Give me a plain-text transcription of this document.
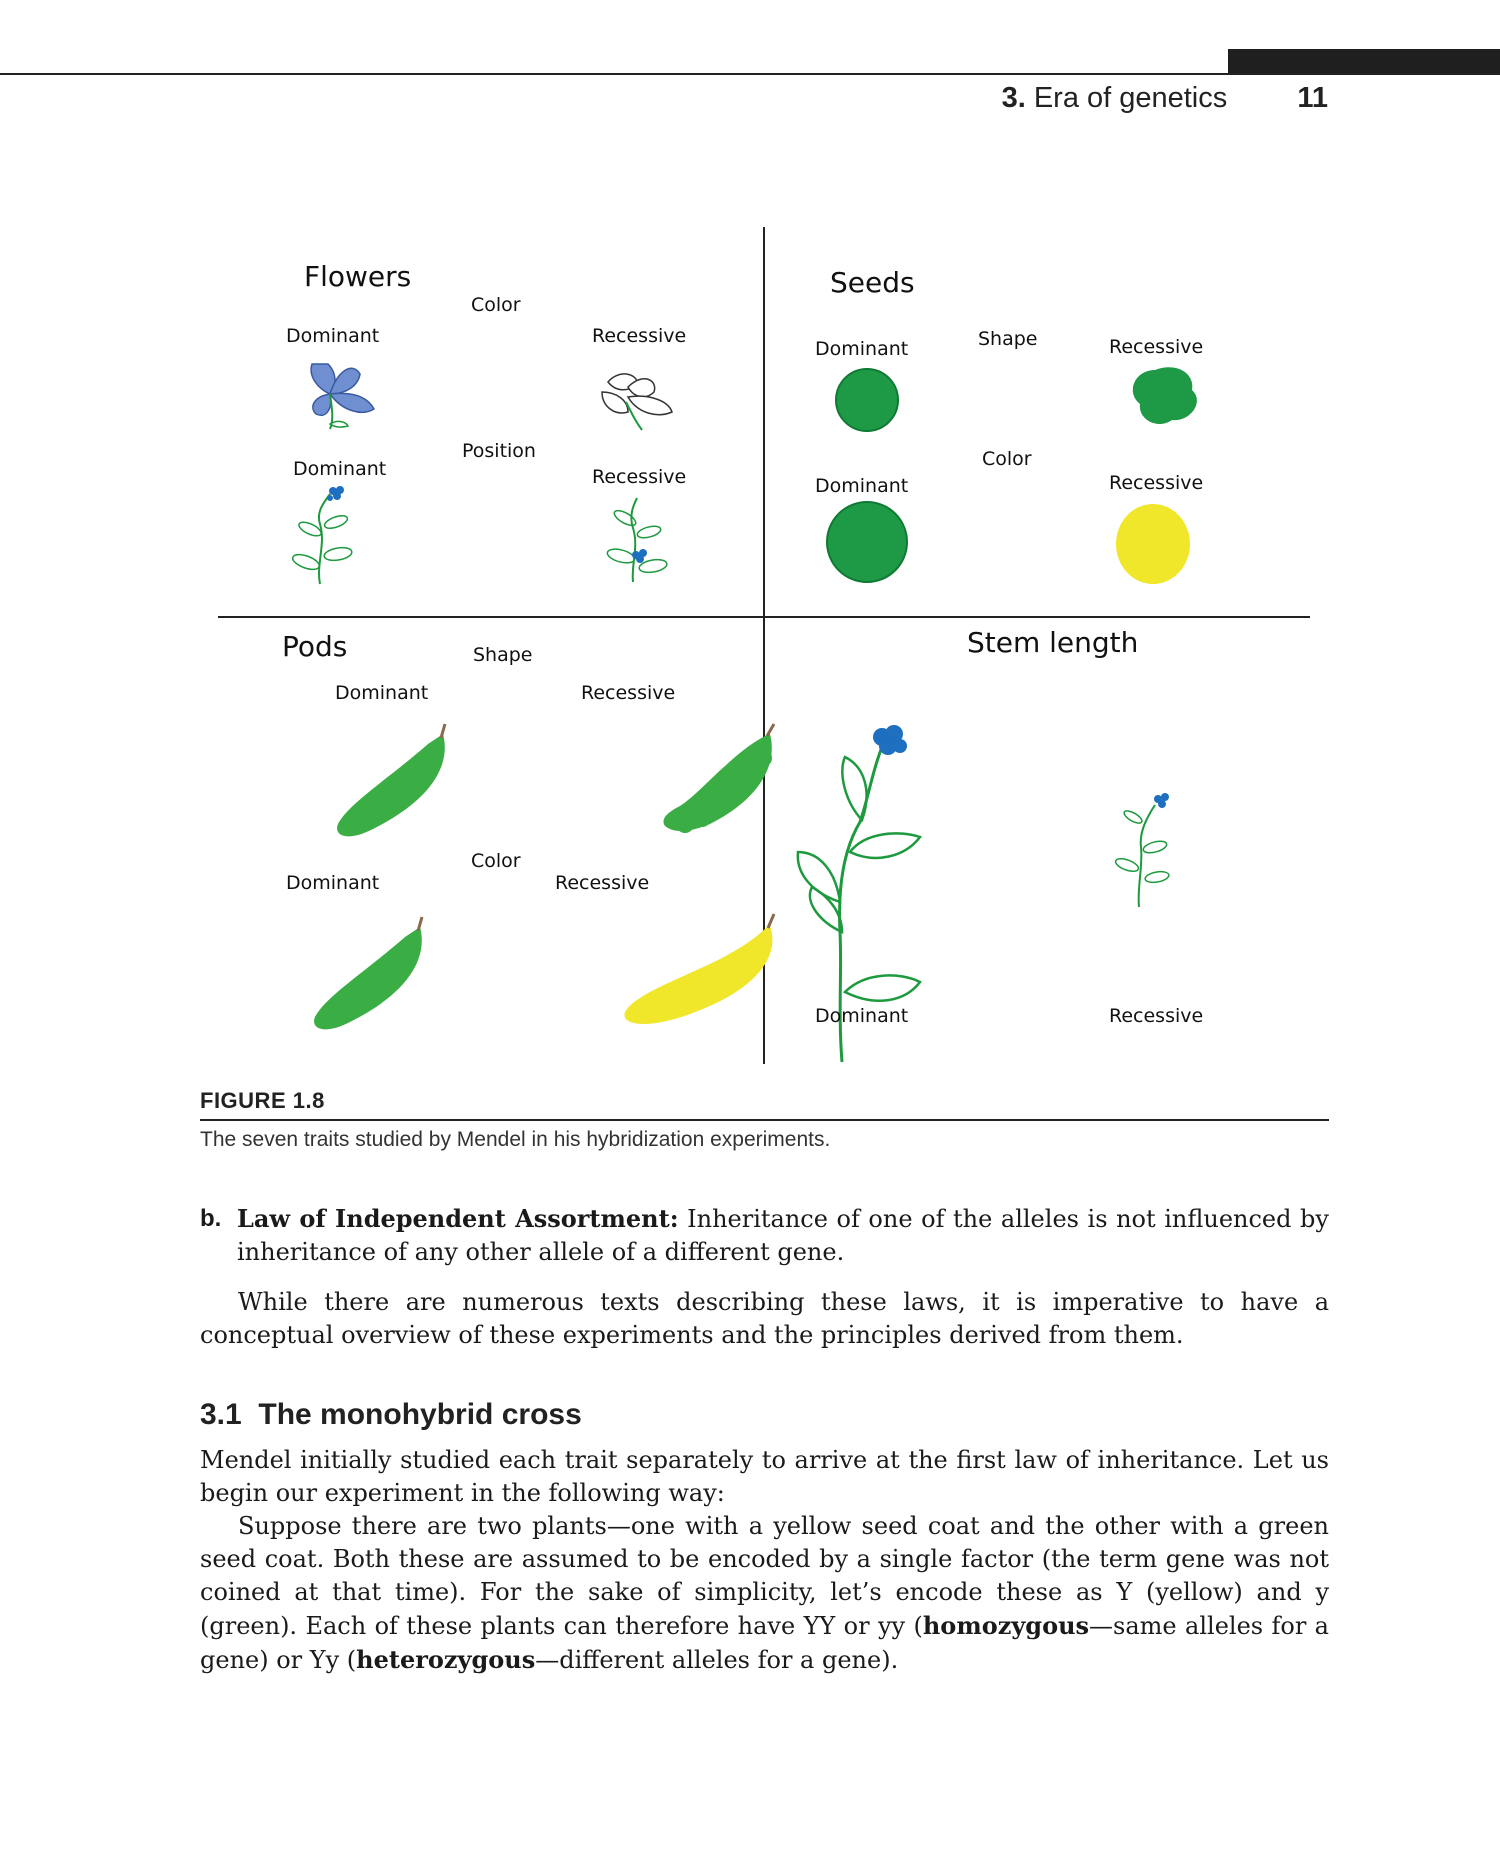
3. Era of genetics 11
Flowers
Color
Dominant	Recessive
Position
Dominant	Recessive
Seeds
Shape
Dominant	Recessive
Color
Dominant	Recessive
Pods	Shape
Dominant	Recessive
Color
Dominant	Recessive
Stem length
Dominant	Recessive
FIGURE 1.8
The seven traits studied by Mendel in his hybridization experiments.
b. Law of Independent Assortment: Inheritance of one of the alleles is not influenced by inheritance of any other allele of a different gene.
While there are numerous texts describing these laws, it is imperative to have a conceptual overview of these experiments and the principles derived from them.
3.1 The monohybrid cross
Mendel initially studied each trait separately to arrive at the first law of inheritance. Let us begin our experiment in the following way:
Suppose there are two plants—one with a yellow seed coat and the other with a green seed coat. Both these are assumed to be encoded by a single factor (the term gene was not coined at that time). For the sake of simplicity, let’s encode these as Y (yellow) and y (green). Each of these plants can therefore have YY or yy (homozygous—same alleles for a gene) or Yy (heterozygous—different alleles for a gene).
